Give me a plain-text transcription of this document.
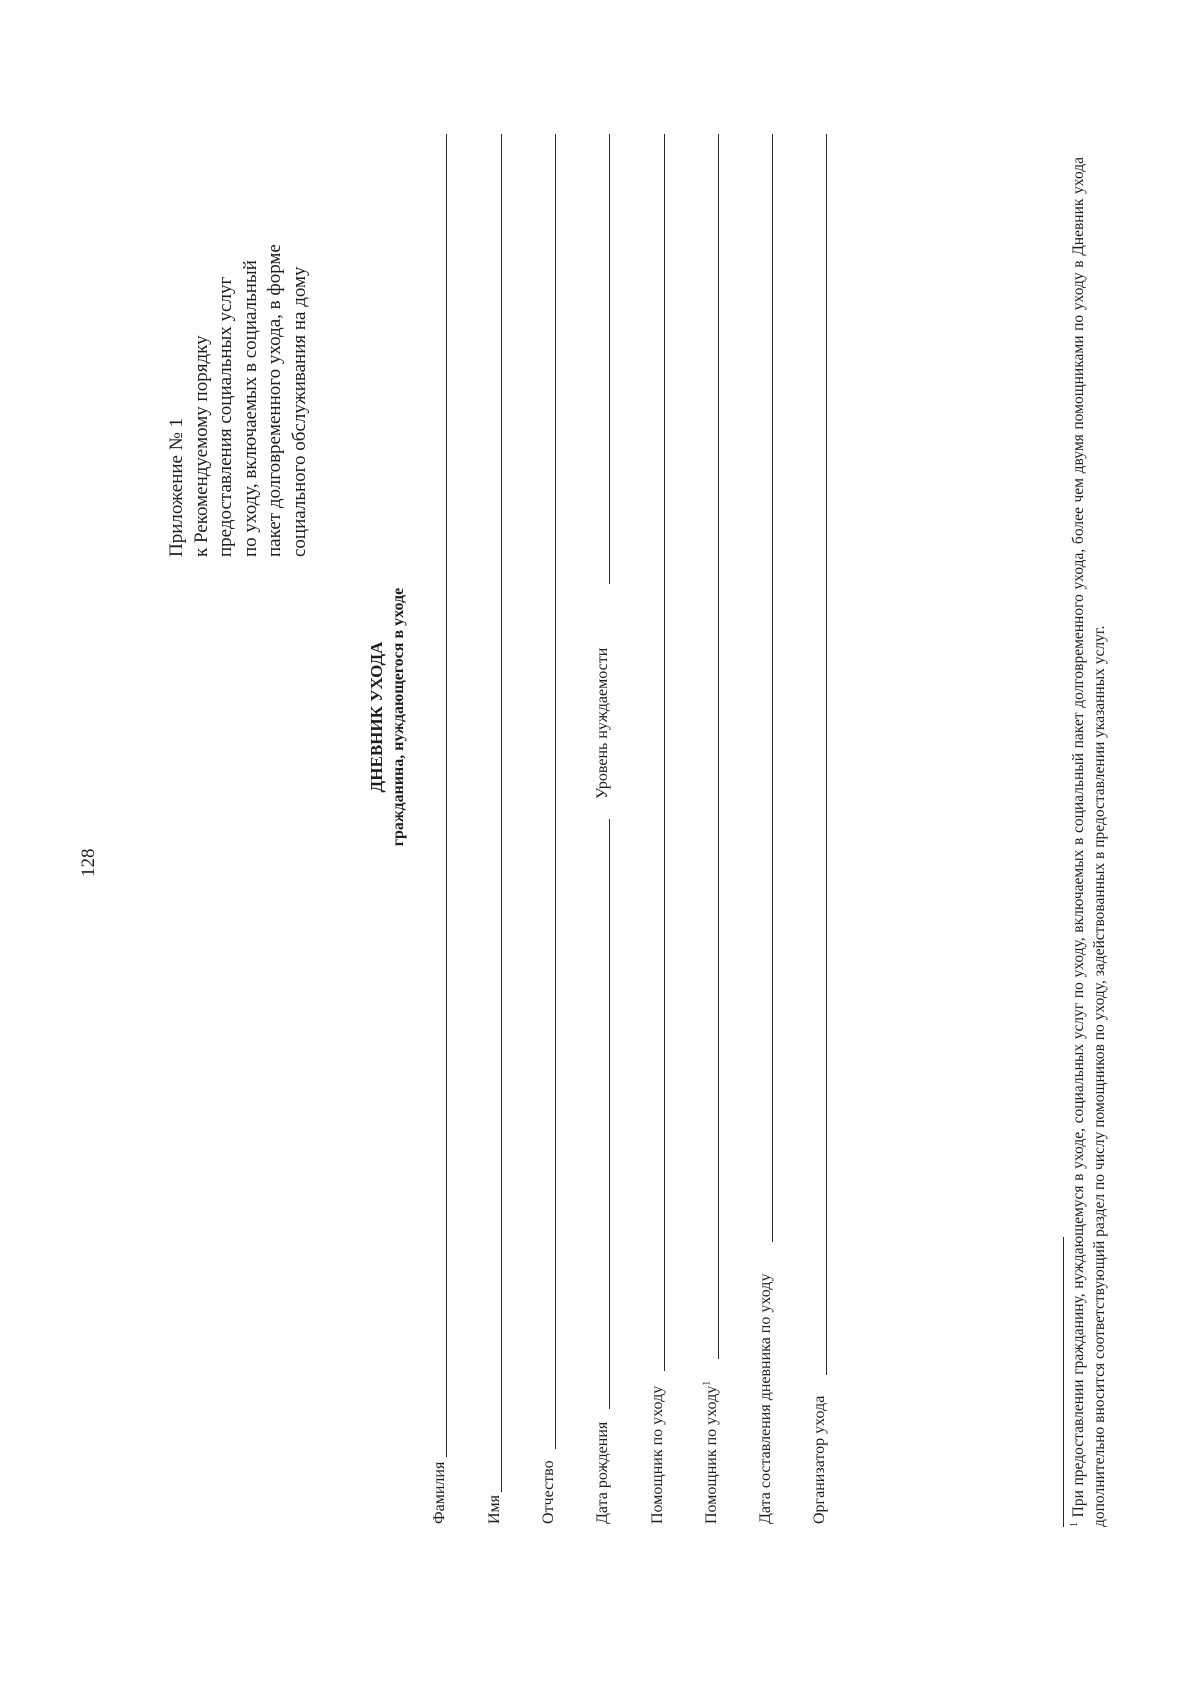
128
Приложение № 1 к Рекомендуемому порядку предоставления социальных услуг по уходу, включаемых в социальный пакет долговременного ухода, в форме социального обслуживания на дому
ДНЕВНИК УХОДА гражданина, нуждающегося в уходе
Фамилия Имя Отчество Дата рождения
Уровень нуждаемости
Помощник по уходу Помощник по уходу$^1$	Дата составления дневника по уходу Организатор ухода
$^1$ При предоставлении гражданину, нуждающемуся в уходе, социальных услуг по уходу, включаемых в социальный пакет долговременного ухода, более чем двумя помощниками по уходу в Дневник ухода дополнительно вносится соответствующий раздел по числу помощников по уходу, задействованных в предоставлении указанных услуг.
